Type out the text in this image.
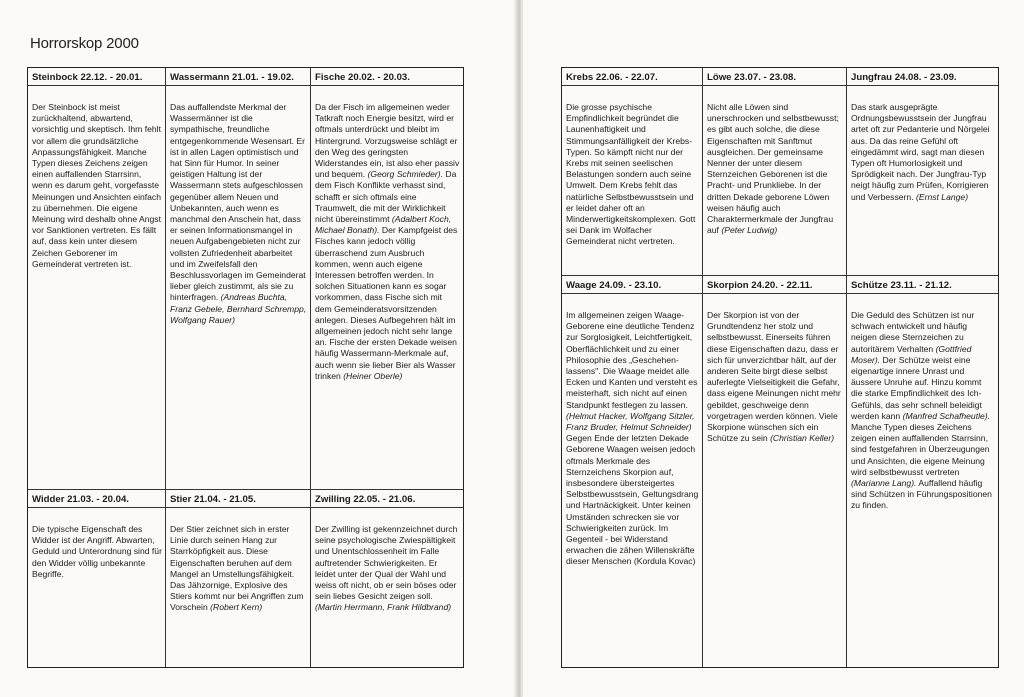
Horrorskop 2000
Steinbock 22.12. - 20.01.
Der Steinbock ist meist zurückhaltend, abwartend, vorsichtig und skeptisch. Ihm fehlt vor allem die grundsätzliche Anpassungsfähigkeit. Manche Typen dieses Zeichens zeigen einen auffallenden Starrsinn, wenn es darum geht, vorgefasste Meinungen und Ansichten einfach zu übernehmen. Die eigene Meinung wird deshalb ohne Angst vor Sanktionen vertreten. Es fällt auf, dass kein unter diesem Zeichen Geborener im Gemeinderat vertreten ist.
Wassermann 21.01. - 19.02.
Das auffallendste Merkmal der Wassermänner ist die sympathische, freundliche entgegenkommende Wesensart. Er ist in allen Lagen optimistisch und hat Sinn für Humor. In seiner geistigen Haltung ist der Wassermann stets aufgeschlossen gegenüber allem Neuen und Unbekannten, auch wenn es manchmal den Anschein hat, dass er seinen Informationsmangel in neuen Aufgabengebieten nicht zur vollsten Zufriedenheit abarbeitet und im Zweifelsfall den Beschlussvorlagen im Gemeinderat lieber gleich zustimmt, als sie zu hinterfragen. (Andreas Buchta, Franz Gebele, Bernhard Schrempp, Wolfgang Rauer)
Fische 20.02. - 20.03.
Da der Fisch im allgemeinen weder Tatkraft noch Energie besitzt, wird er oftmals unterdrückt und bleibt im Hintergrund. Vorzugsweise schlägt er den Weg des geringsten Widerstandes ein, ist also eher passiv und bequem. (Georg Schmieder). Da dem Fisch Konflikte verhasst sind, schafft er sich oftmals eine Traumwelt, die mit der Wirklichkeit nicht übereinstimmt (Adalbert Koch, Michael Bonath). Der Kampfgeist des Fisches kann jedoch völlig überraschend zum Ausbruch kommen, wenn auch eigene Interessen betroffen werden. In solchen Situationen kann es sogar vorkommen, dass Fische sich mit dem Gemeinderatsvorsitzenden anlegen. Dieses Aufbegehren hält im allgemeinen jedoch nicht sehr lange an. Fische der ersten Dekade weisen häufig Wassermann-Merkmale auf, auch wenn sie lieber Bier als Wasser trinken (Heiner Oberle)
Widder 21.03. - 20.04.
Die typische Eigenschaft des Widder ist der Angriff. Abwarten, Geduld und Unterordnung sind für den Widder völlig unbekannte Begriffe.
Stier 21.04. - 21.05.
Der Stier zeichnet sich in erster Linie durch seinen Hang zur Starrköpfigkeit aus. Diese Eigenschaften beruhen auf dem Mangel an Umstellungsfähigkeit. Das Jähzornige, Explosive des Stiers kommt nur bei Angriffen zum Vorschein (Robert Kern)
Zwilling 22.05. - 21.06.
Der Zwilling ist gekennzeichnet durch seine psychologische Zwiespältigkeit und Unentschlossenheit im Falle auftretender Schwierigkeiten. Er leidet unter der Qual der Wahl und weiss oft nicht, ob er sein böses oder sein liebes Gesicht zeigen soll. (Martin Herrmann, Frank Hildbrand)
Krebs 22.06. - 22.07.
Die grosse psychische Empfindlichkeit begründet die Launenhaftigkeit und Stimmungsanfälligkeit der Krebs-Typen. So kämpft nicht nur der Krebs mit seinen seelischen Belastungen sondern auch seine Umwelt. Dem Krebs fehlt das natürliche Selbstbewusstsein und er leidet daher oft an Minderwertigkeitskomplexen. Gott sei Dank im Wolfacher Gemeinderat nicht vertreten.
Löwe 23.07. - 23.08.
Nicht alle Löwen sind unerschrocken und selbstbewusst; es gibt auch solche, die diese Eigenschaften mit Sanftmut ausgleichen. Der gemeinsame Nenner der unter diesem Sternzeichen Geborenen ist die Pracht- und Prunkliebe. In der dritten Dekade geborene Löwen weisen häufig auch Charaktermerkmale der Jungfrau auf (Peter Ludwig)
Jungfrau 24.08. - 23.09.
Das stark ausgeprägte Ordnungsbewusstsein der Jungfrau artet oft zur Pedanterie und Nörgelei aus. Da das reine Gefühl oft eingedämmt wird, sagt man diesen Typen oft Humorlosigkeit und Sprödigkeit nach. Der Jungfrau-Typ neigt häufig zum Prüfen, Korrigieren und Verbessern. (Ernst Lange)
Waage 24.09. - 23.10.
Im allgemeinen zeigen Waage-Geborene eine deutliche Tendenz zur Sorglosigkeit, Leichtfertigkeit, Oberflächlichkeit und zu einer Philosophie des „Geschehen-lassens". Die Waage meidet alle Ecken und Kanten und versteht es meisterhaft, sich nicht auf einen Standpunkt festlegen zu lassen. (Helmut Hacker, Wolfgang Sitzler, Franz Bruder, Helmut Schneider) Gegen Ende der letzten Dekade Geborene Waagen weisen jedoch oftmals Merkmale des Sternzeichens Skorpion auf, insbesondere übersteigertes Selbstbewusstsein, Geltungsdrang und Hartnäckigkeit. Unter keinen Umständen schrecken sie vor Schwierigkeiten zurück. Im Gegenteil - bei Widerstand erwachen die zähen Willenskräfte dieser Menschen (Kordula Kovac)
Skorpion 24.20. - 22.11.
Der Skorpion ist von der Grundtendenz her stolz und selbstbewusst. Einerseits führen diese Eigenschaften dazu, dass er sich für unverzichtbar hält, auf der anderen Seite birgt diese selbst auferlegte Vielseitigkeit die Gefahr, dass eigene Meinungen nicht mehr gebildet, geschweige denn vorgetragen werden können. Viele Skorpione wünschen sich ein Schütze zu sein (Christian Keller)
Schütze 23.11. - 21.12.
Die Geduld des Schützen ist nur schwach entwickelt und häufig neigen diese Sternzeichen zu autoritärem Verhalten (Gottfried Moser). Der Schütze weist eine eigenartige innere Unrast und äussere Unruhe auf. Hinzu kommt die starke Empfindlichkeit des Ich-Gefühls, das sehr schnell beleidigt werden kann (Manfred Schafheutle). Manche Typen dieses Zeichens zeigen einen auffallenden Starrsinn, sind festgefahren in Überzeugungen und Ansichten, die eigene Meinung wird selbstbewusst vertreten (Marianne Lang). Auffallend häufig sind Schützen in Führungspositionen zu finden.
